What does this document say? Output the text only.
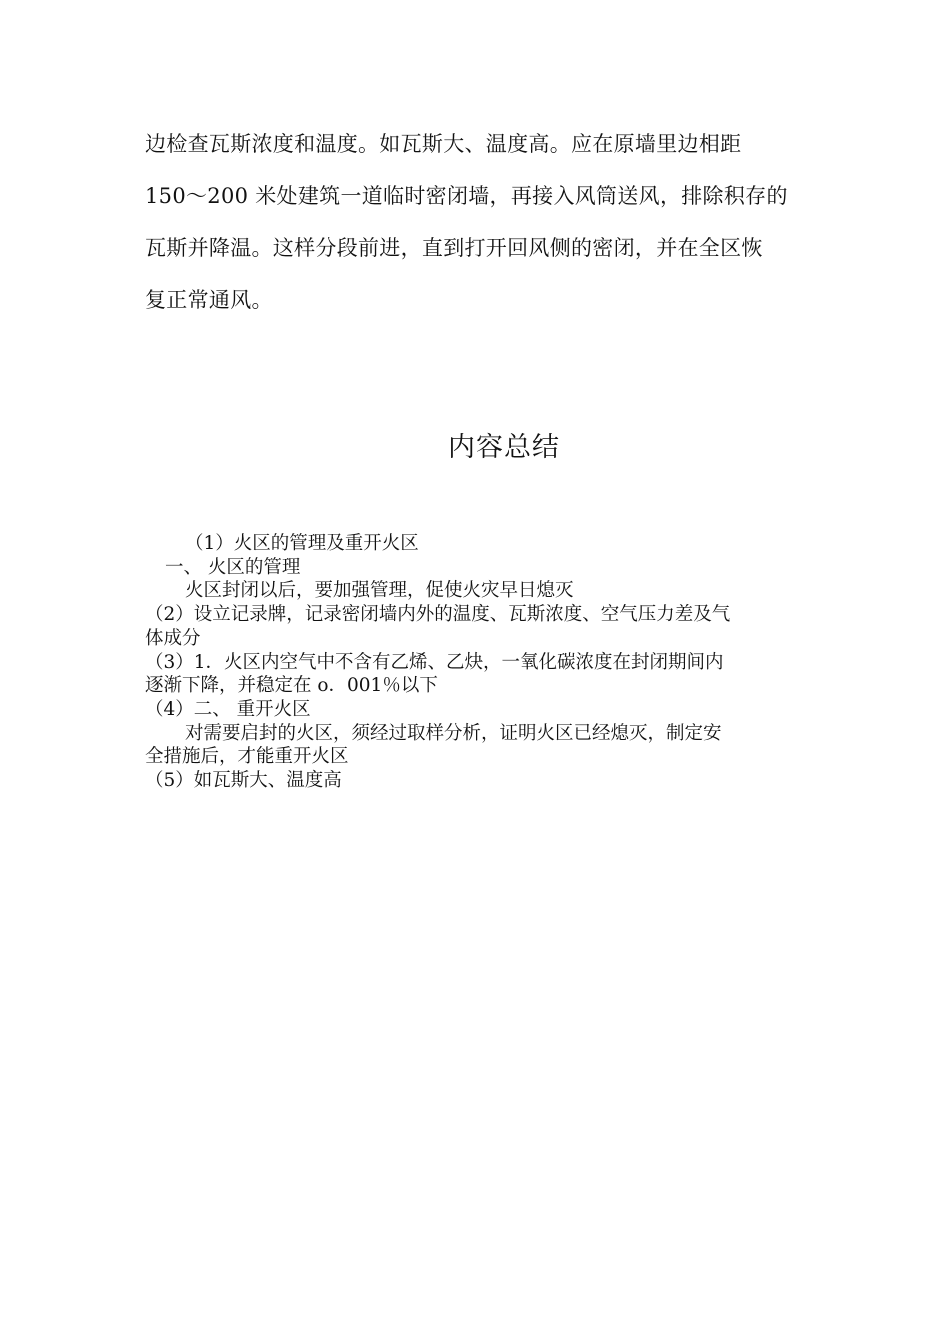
边检查瓦斯浓度和温度。如瓦斯大、温度高。应在原墙里边相距

150～200 米处建筑一道临时密闭墙，再接入风筒送风，排除积存的

瓦斯并降温。这样分段前进，直到打开回风侧的密闭，并在全区恢

复正常通风。

内容总结

（1）火区的管理及重开火区

一、 火区的管理

火区封闭以后，要加强管理，促使火灾早日熄灭

（2）设立记录牌，记录密闭墙内外的温度、瓦斯浓度、空气压力差及气

体成分

（3）1．火区内空气中不含有乙烯、乙炔，一氧化碳浓度在封闭期间内

逐渐下降，并稳定在 o．001％以下

（4）二、 重开火区

对需要启封的火区，须经过取样分析，证明火区已经熄灭，制定安

全措施后，才能重开火区

（5）如瓦斯大、温度高
